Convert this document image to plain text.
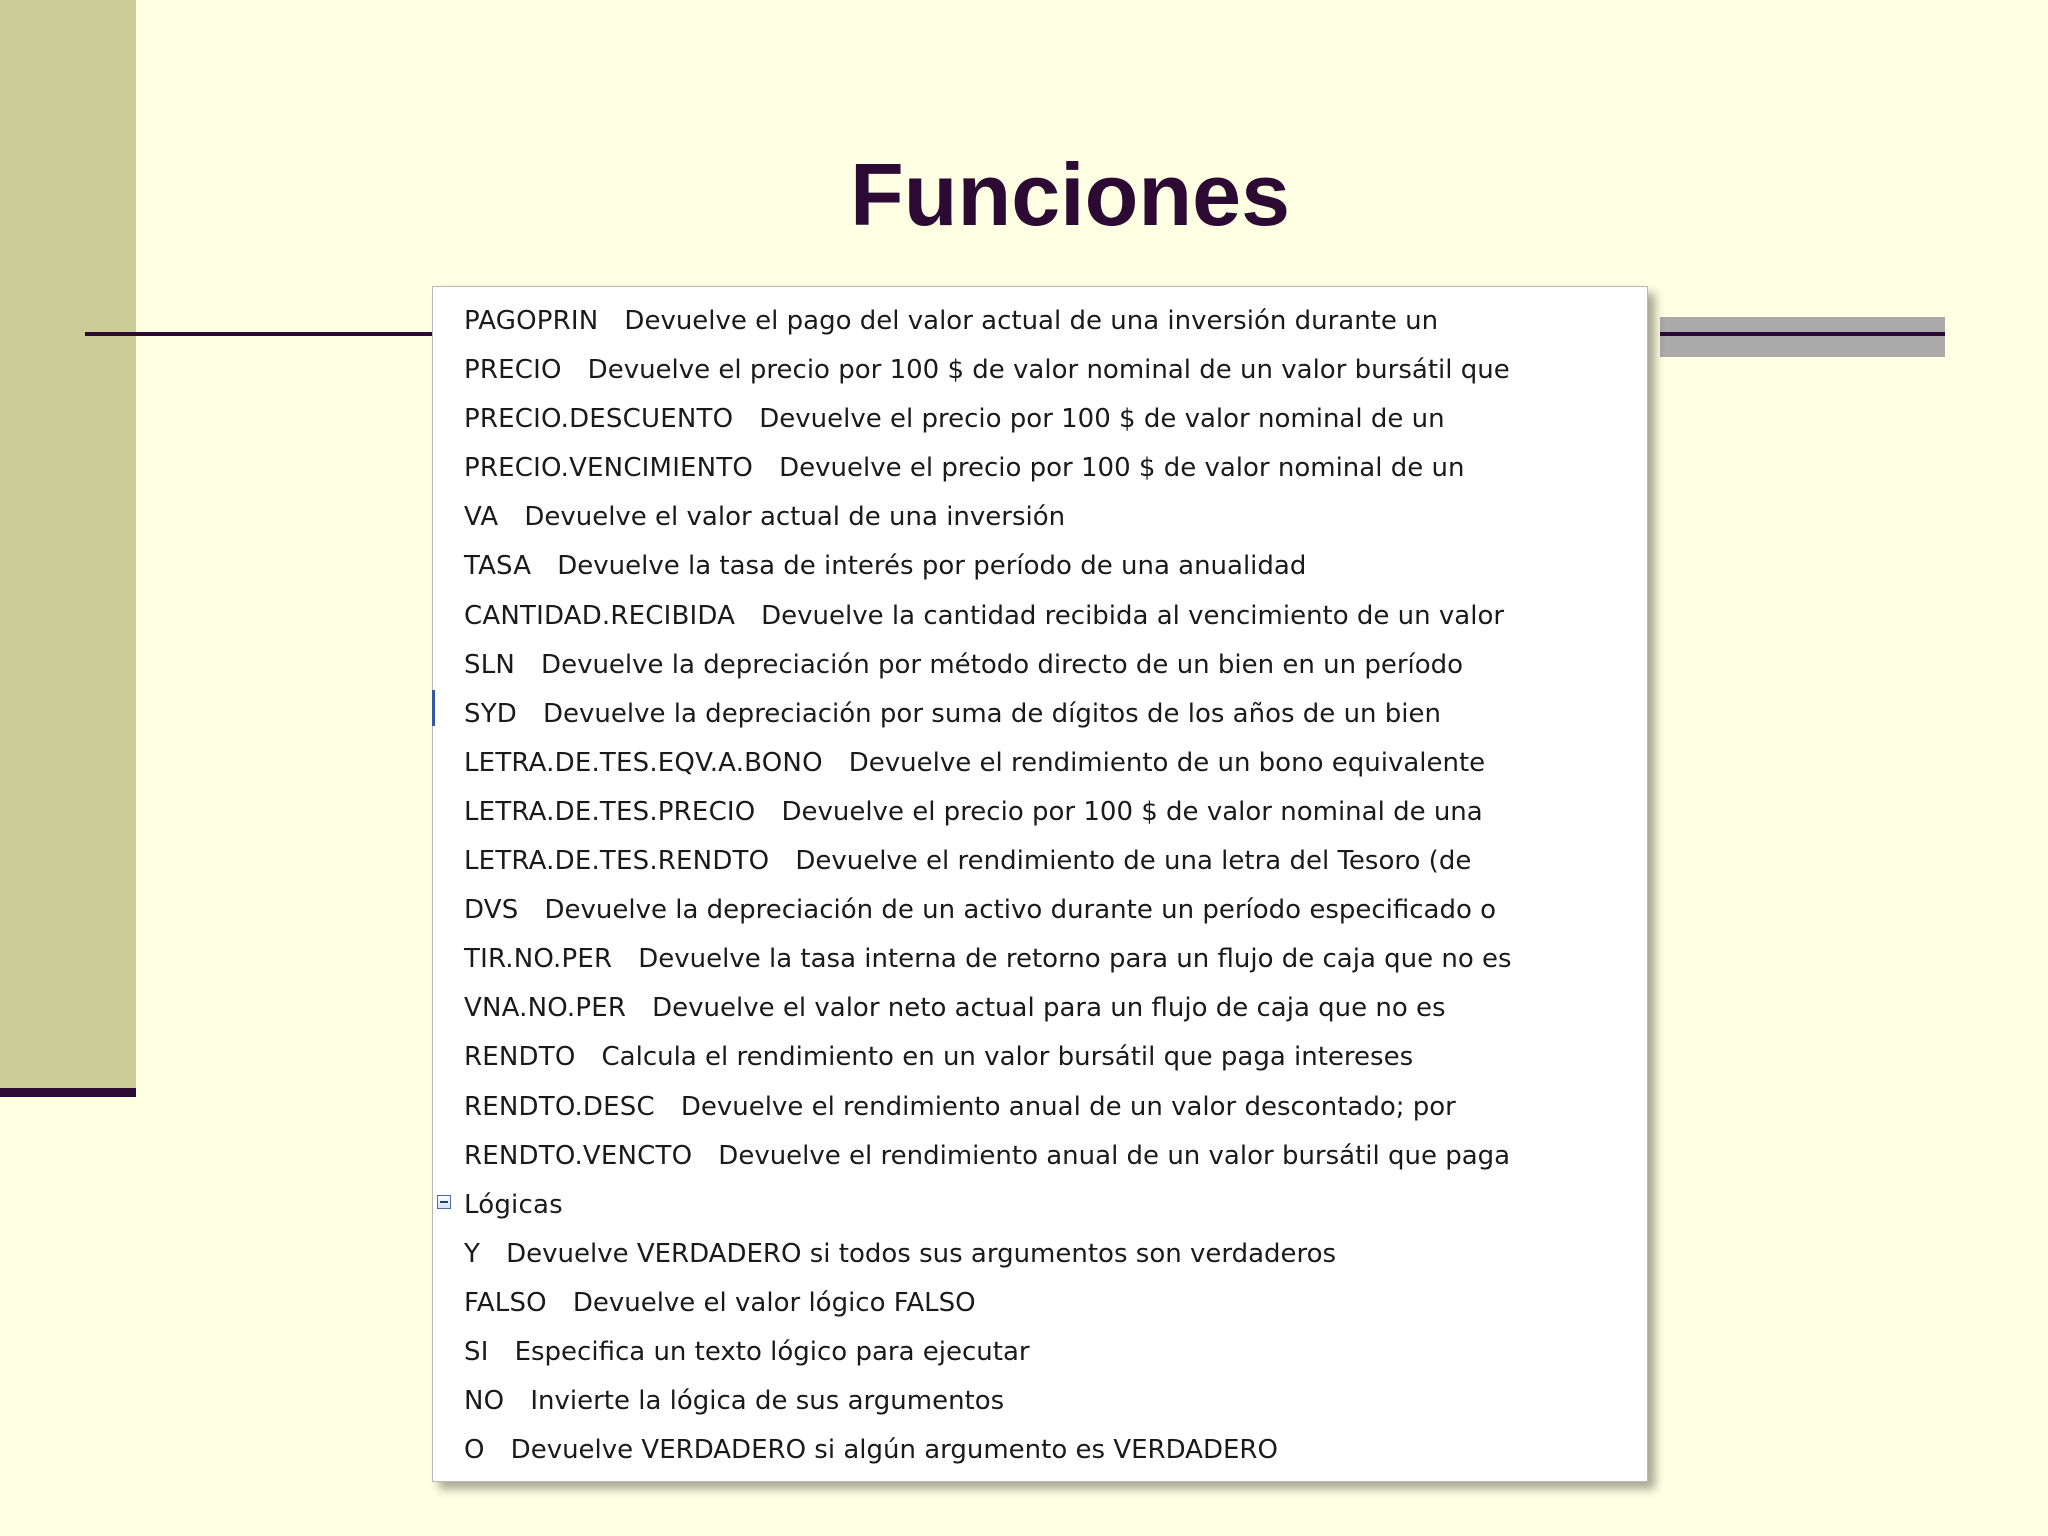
Funciones
PAGOPRIN Devuelve el pago del valor actual de una inversión durante un
PRECIO Devuelve el precio por 100 $ de valor nominal de un valor bursátil que
PRECIO.DESCUENTO Devuelve el precio por 100 $ de valor nominal de un
PRECIO.VENCIMIENTO Devuelve el precio por 100 $ de valor nominal de un
VA Devuelve el valor actual de una inversión
TASA Devuelve la tasa de interés por período de una anualidad
CANTIDAD.RECIBIDA Devuelve la cantidad recibida al vencimiento de un valor
SLN Devuelve la depreciación por método directo de un bien en un período
SYD Devuelve la depreciación por suma de dígitos de los años de un bien
LETRA.DE.TES.EQV.A.BONO Devuelve el rendimiento de un bono equivalente
LETRA.DE.TES.PRECIO Devuelve el precio por 100 $ de valor nominal de una
LETRA.DE.TES.RENDTO Devuelve el rendimiento de una letra del Tesoro (de
DVS Devuelve la depreciación de un activo durante un período especificado o
TIR.NO.PER Devuelve la tasa interna de retorno para un flujo de caja que no es
VNA.NO.PER Devuelve el valor neto actual para un flujo de caja que no es
RENDTO Calcula el rendimiento en un valor bursátil que paga intereses
RENDTO.DESC Devuelve el rendimiento anual de un valor descontado; por
RENDTO.VENCTO Devuelve el rendimiento anual de un valor bursátil que paga
Lógicas
Y Devuelve VERDADERO si todos sus argumentos son verdaderos
FALSO Devuelve el valor lógico FALSO
SI Especifica un texto lógico para ejecutar
NO Invierte la lógica de sus argumentos
O Devuelve VERDADERO si algún argumento es VERDADERO
